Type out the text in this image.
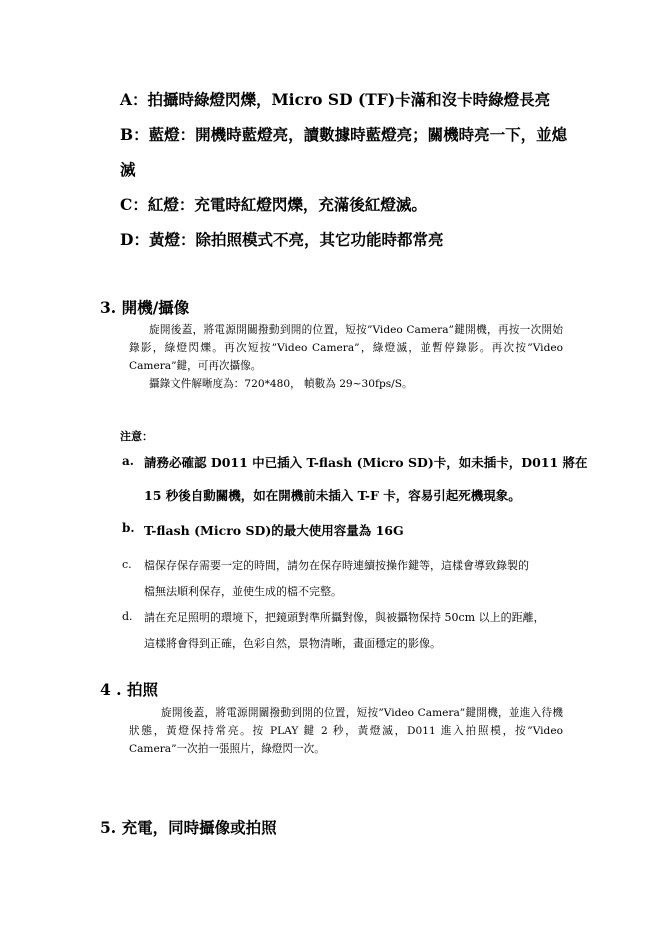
A：拍攝時綠燈閃爍，Micro SD (TF)卡滿和沒卡時綠燈長亮
B：藍燈：開機時藍燈亮，讀數據時藍燈亮；關機時亮一下，並熄
滅
C：紅燈：充電時紅燈閃爍，充滿後紅燈滅。
D：黃燈：除拍照模式不亮，其它功能時都常亮
3. 開機/攝像

旋開後蓋，將電源開關撥動到開的位置，短按”Video Camera”鍵開機，再按一次開始錄影，綠燈閃爍。再次短按”Video Camera”，綠燈滅，並暫停錄影。再次按”Video Camera”鍵，可再次攝像。

攝錄文件解晰度為：720*480， 幀數為 29~30fps/S。

注意：
a. 請務必確認 D011 中已插入 T-flash (Micro SD)卡，如未插卡，D011 將在
15 秒後自動關機，如在開機前未插入 T-F 卡，容易引起死機現象。
b. T-flash (Micro SD)的最大使用容量為 16G
c. 檔保存保存需要一定的時間，請勿在保存時連續按操作鍵等，這樣會導致錄製的
檔無法順利保存，並使生成的檔不完整。
d. 請在充足照明的環境下，把鏡頭對準所攝對像，與被攝物保持 50cm 以上的距離，
這樣將會得到正確，色彩自然，景物清晰，畫面穩定的影像。
4 . 拍照

旋開後蓋，將電源開關撥動到開的位置，短按”Video Camera”鍵開機，並進入待機狀態，黃燈保持常亮。按 PLAY 鍵 2 秒，黃燈滅，D011 進入拍照模，按”Video Camera”一次拍一張照片，綠燈閃一次。

5. 充電，同時攝像或拍照
